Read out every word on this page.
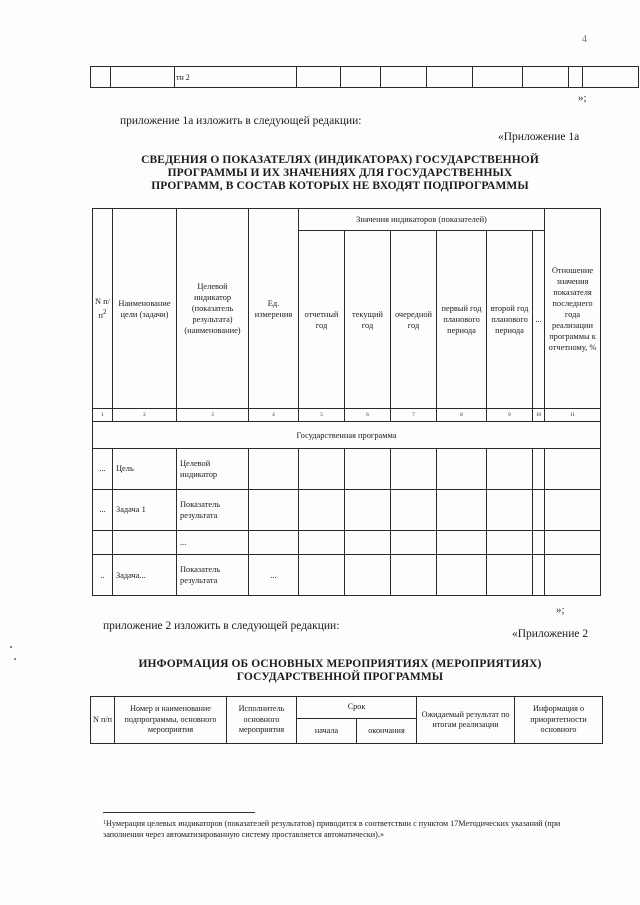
4
		тн 2								
»;
приложение 1а изложить в следующей редакции:
«Приложение 1а
СВЕДЕНИЯ О ПОКАЗАТЕЛЯХ (ИНДИКАТОРАХ) ГОСУДАРСТВЕННОЙ
ПРОГРАММЫ И ИХ ЗНАЧЕНИЯХ ДЛЯ ГОСУДАРСТВЕННЫХ
ПРОГРАММ, В СОСТАВ КОТОРЫХ НЕ ВХОДЯТ ПОДПРОГРАММЫ
N $п/п^2$	Наименование цели (задачи)	Целевой индикатор (показатель результата) (наименование)	Ед. измерения	Значения индикаторов (показателей)						Отношение значения показателя последнего года реализации программы к отчетному, %
				отчетный год	текущий год	очередной год	первый год планового периода	второй год планового периода	...	
1	2	3	4	5	6	7	8	9	10	11
Государственная программа										
...	Цель	Целевой индикатор								
...	Задача 1	Показатель результата								
		...								
..	Задача...	Показатель результата	...							
»;
приложение 2 изложить в следующей редакции:
«Приложение 2
ИНФОРМАЦИЯ ОБ ОСНОВНЫХ МЕРОПРИЯТИЯХ (МЕРОПРИЯТИЯХ)
ГОСУДАРСТВЕННОЙ ПРОГРАММЫ
N п/п	Номер и наименование подпрограммы, основного мероприятия	Исполнитель основного мероприятия	Срок		Ожидаемый результат по итогам реализации	Информация о приоритетности основного
			начала	окончания		
$^1$Нумерация целевых индикаторов (показателей результатов) приводится в соответствии с пунктом 17Методических указаний (при заполнении через автоматизированную систему проставляется автоматически).»
